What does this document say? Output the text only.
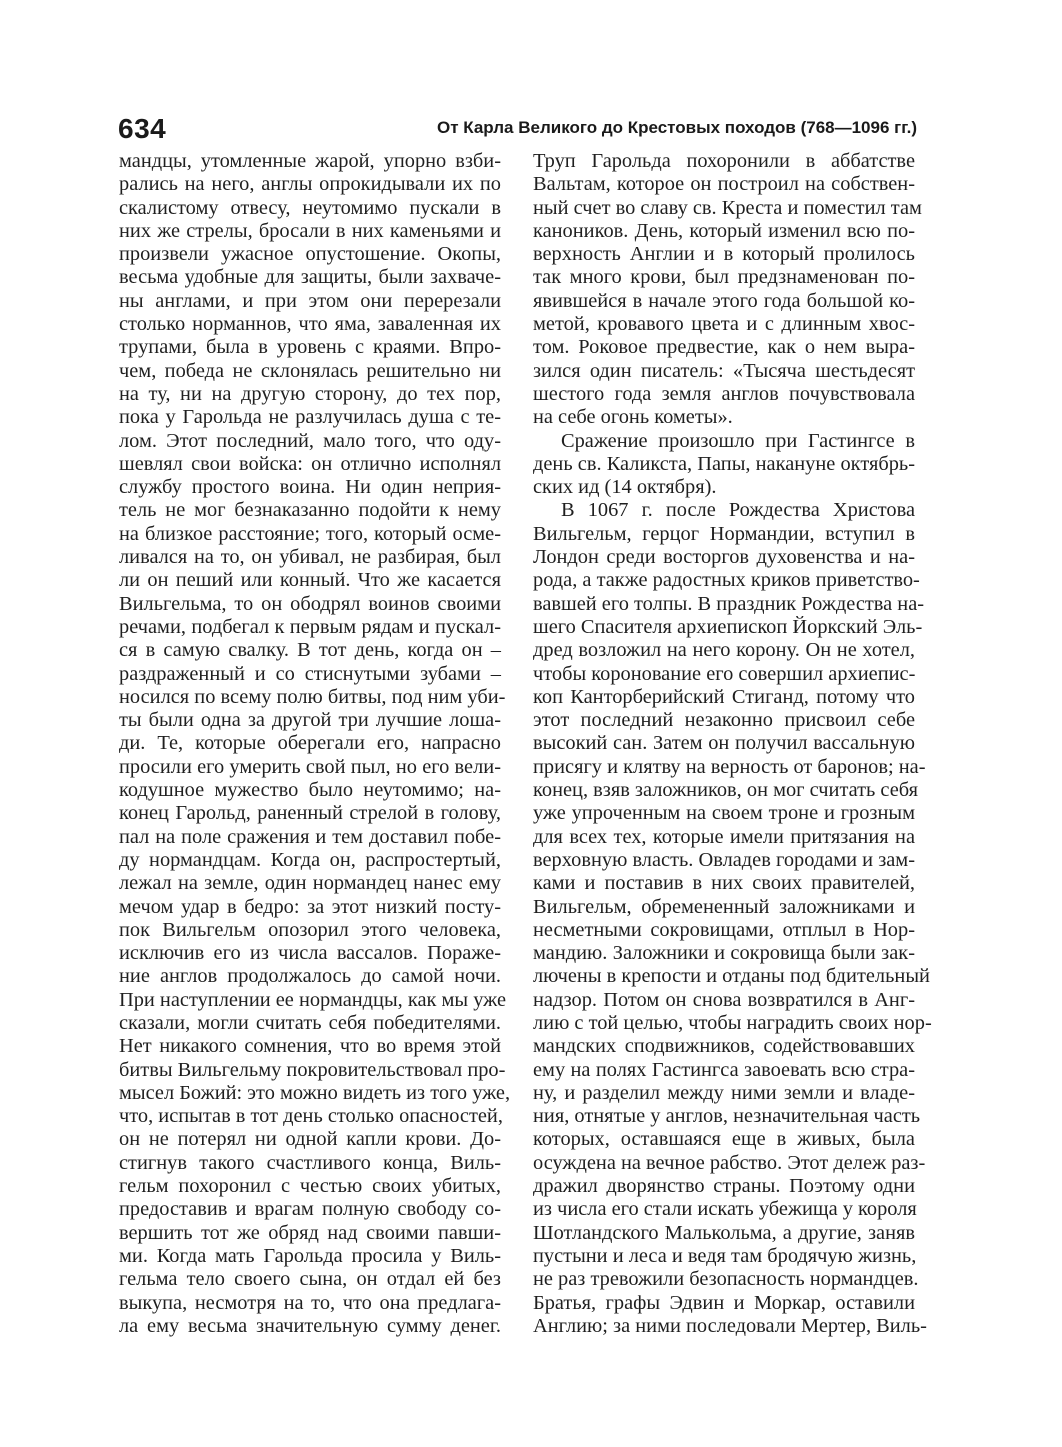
634	От Карла Великого до Крестовых походов (768—1096 гг.)
мандцы, утомленные жарой, упорно взби-
рались на него, англы опрокидывали их по
скалистому отвесу, неутомимо пускали в
них же стрелы, бросали в них каменьями и
произвели ужасное опустошение. Окопы,
весьма удобные для защиты, были захваче-
ны англами, и при этом они перерезали
столько норманнов, что яма, заваленная их
трупами, была в уровень с краями. Впро-
чем, победа не склонялась решительно ни
на ту, ни на другую сторону, до тех пор,
пока у Гарольда не разлучилась душа с те-
лом. Этот последний, мало того, что оду-
шевлял свои войска: он отлично исполнял
службу простого воина. Ни один неприя-
тель не мог безнаказанно подойти к нему
на близкое расстояние; того, который осме-
ливался на то, он убивал, не разбирая, был
ли он пеший или конный. Что же касается
Вильгельма, то он ободрял воинов своими
речами, подбегал к первым рядам и пускал-
ся в самую свалку. В тот день, когда он –
раздраженный и со стиснутыми зубами –
носился по всему полю битвы, под ним уби-
ты были одна за другой три лучшие лоша-
ди. Те, которые оберегали его, напрасно
просили его умерить свой пыл, но его вели-
кодушное мужество было неутомимо; на-
конец Гарольд, раненный стрелой в голову,
пал на поле сражения и тем доставил побе-
ду нормандцам. Когда он, распростертый,
лежал на земле, один нормандец нанес ему
мечом удар в бедро: за этот низкий посту-
пок Вильгельм опозорил этого человека,
исключив его из числа вассалов. Пораже-
ние англов продолжалось до самой ночи.
При наступлении ее нормандцы, как мы уже
сказали, могли считать себя победителями.
Нет никакого сомнения, что во время этой
битвы Вильгельму покровительствовал про-
мысел Божий: это можно видеть из того уже,
что, испытав в тот день столько опасностей,
он не потерял ни одной капли крови. До-
стигнув такого счастливого конца, Виль-
гельм похоронил с честью своих убитых,
предоставив и врагам полную свободу со-
вершить тот же обряд над своими павши-
ми. Когда мать Гарольда просила у Виль-
гельма тело своего сына, он отдал ей без
выкупа, несмотря на то, что она предлага-
ла ему весьма значительную сумму денег.
Труп Гарольда похоронили в аббатстве
Вальтам, которое он построил на собствен-
ный счет во славу св. Креста и поместил там
каноников. День, который изменил всю по-
верхность Англии и в который пролилось
так много крови, был предзнаменован по-
явившейся в начале этого года большой ко-
метой, кровавого цвета и с длинным хвос-
том. Роковое предвестие, как о нем выра-
зился один писатель: «Тысяча шестьдесят
шестого года земля англов почувствовала
на себе огонь кометы».
Сражение произошло при Гастингсе в
день св. Каликста, Папы, накануне октябрь-
ских ид (14 октября).
В 1067 г. после Рождества Христова
Вильгельм, герцог Нормандии, вступил в
Лондон среди восторгов духовенства и на-
рода, а также радостных криков приветство-
вавшей его толпы. В праздник Рождества на-
шего Спасителя архиепископ Йоркский Эль-
дред возложил на него корону. Он не хотел,
чтобы коронование его совершил архиепис-
коп Канторберийский Стиганд, потому что
этот последний незаконно присвоил себе
высокий сан. Затем он получил вассальную
присягу и клятву на верность от баронов; на-
конец, взяв заложников, он мог считать себя
уже упроченным на своем троне и грозным
для всех тех, которые имели притязания на
верховную власть. Овладев городами и зам-
ками и поставив в них своих правителей,
Вильгельм, обремененный заложниками и
несметными сокровищами, отплыл в Нор-
мандию. Заложники и сокровища были зак-
лючены в крепости и отданы под бдительный
надзор. Потом он снова возвратился в Анг-
лию с той целью, чтобы наградить своих нор-
мандских сподвижников, содействовавших
ему на полях Гастингса завоевать всю стра-
ну, и разделил между ними земли и владе-
ния, отнятые у англов, незначительная часть
которых, оставшаяся еще в живых, была
осуждена на вечное рабство. Этот дележ раз-
дражил дворянство страны. Поэтому одни
из числа его стали искать убежища у короля
Шотландского Малькольма, а другие, заняв
пустыни и леса и ведя там бродячую жизнь,
не раз тревожили безопасность нормандцев.
Братья, графы Эдвин и Моркар, оставили
Англию; за ними последовали Мертер, Виль-
